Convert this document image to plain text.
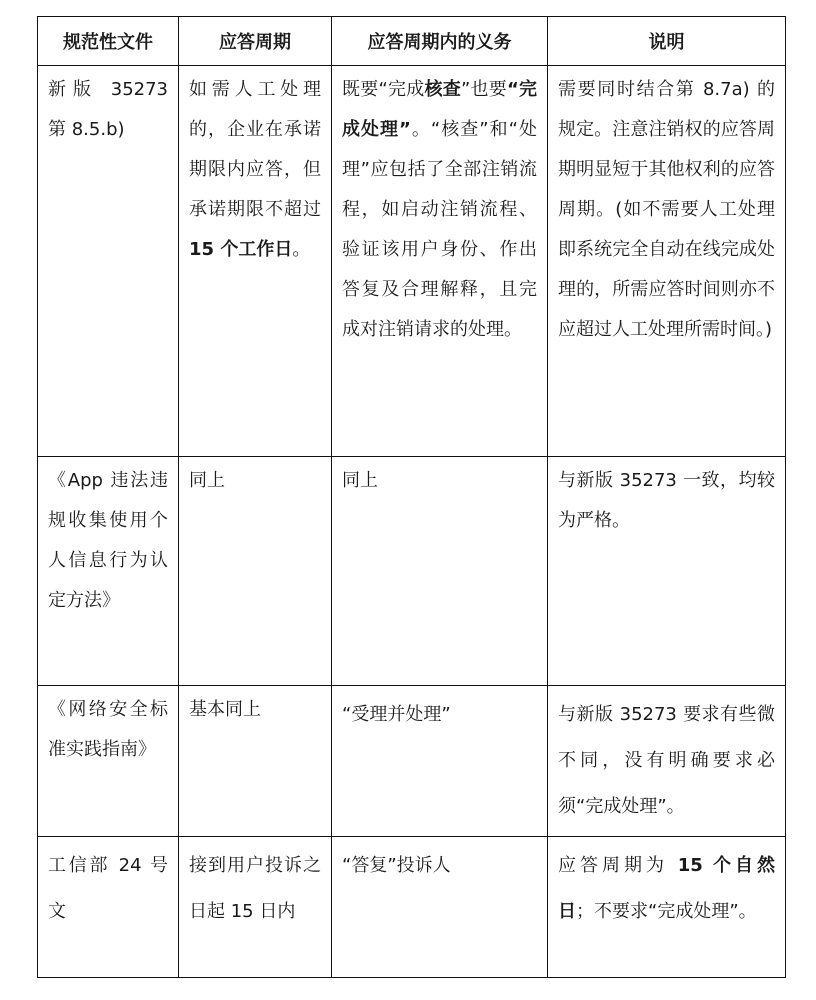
规范性文件	应答周期	应答周期内的义务	说明

新版 35273 第 8.5.b)	如需人工处理的，企业在承诺期限内应答，但承诺期限不超过 15 个工作日。	既要“完成核查”也要“完成处理”。“核查”和“处理”应包括了全部注销流程，如启动注销流程、验证该用户身份、作出答复及合理解释，且完成对注销请求的处理。	需要同时结合第 8.7a) 的规定。注意注销权的应答周期明显短于其他权利的应答周期。(如不需要人工处理即系统完全自动在线完成处理的，所需应答时间则亦不应超过人工处理所需时间。)

《App 违法违规收集使用个人信息行为认定方法》	同上	同上	与新版 35273 一致，均较为严格。

《网络安全标准实践指南》	基本同上	“受理并处理”	与新版 35273 要求有些微不同，没有明确要求必须“完成处理”。

工信部 24 号文	接到用户投诉之日起 15 日内	“答复”投诉人	应答周期为 15 个自然日；不要求“完成处理”。
